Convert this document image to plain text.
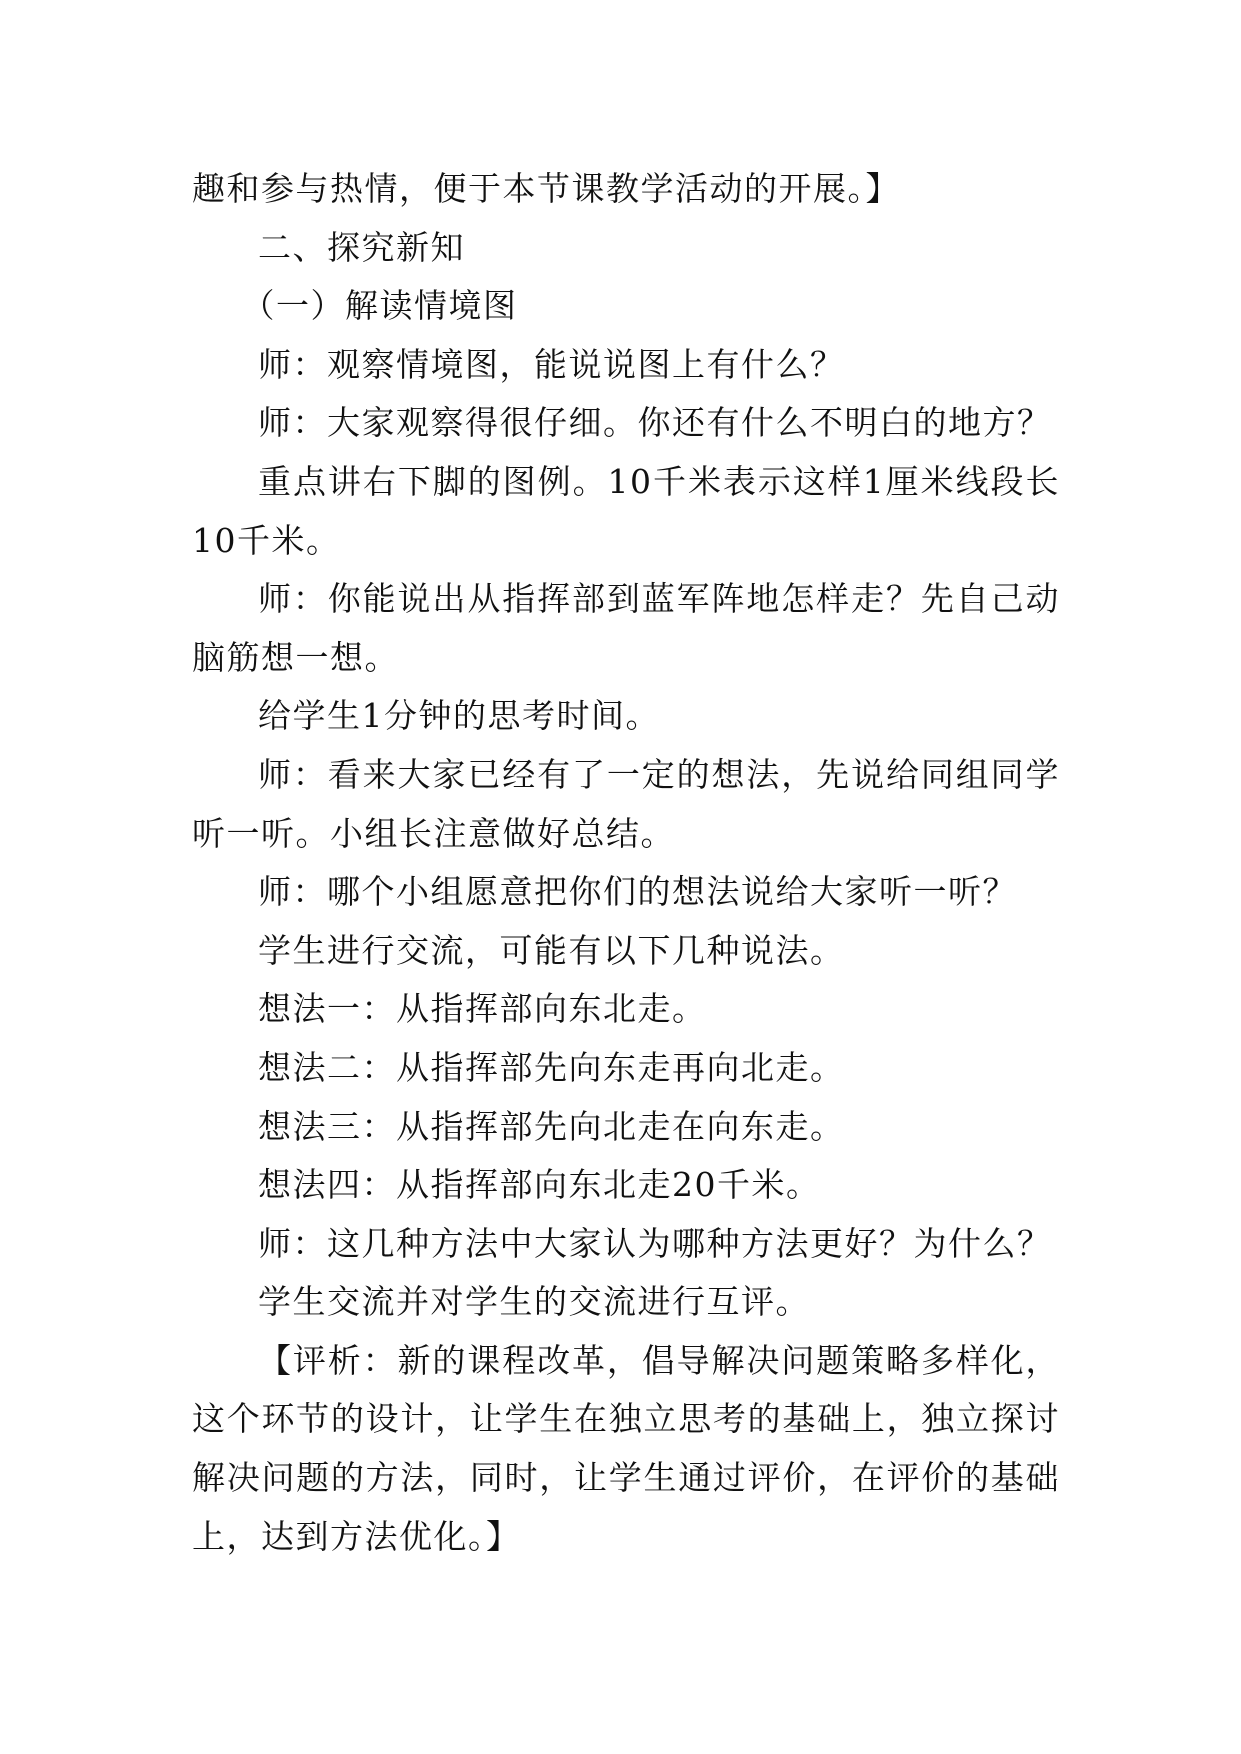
趣和参与热情，便于本节课教学活动的开展。】

二、探究新知

（一）解读情境图

师：观察情境图，能说说图上有什么？

师：大家观察得很仔细。你还有什么不明白的地方？

重点讲右下脚的图例。10千米表示这样1厘米线段长10千米。

师：你能说出从指挥部到蓝军阵地怎样走？先自己动脑筋想一想。

给学生1分钟的思考时间。

师：看来大家已经有了一定的想法，先说给同组同学听一听。小组长注意做好总结。

师：哪个小组愿意把你们的想法说给大家听一听？

学生进行交流，可能有以下几种说法。

想法一：从指挥部向东北走。

想法二：从指挥部先向东走再向北走。

想法三：从指挥部先向北走在向东走。

想法四：从指挥部向东北走20千米。

师：这几种方法中大家认为哪种方法更好？为什么？

学生交流并对学生的交流进行互评。

【评析：新的课程改革，倡导解决问题策略多样化，这个环节的设计，让学生在独立思考的基础上，独立探讨解决问题的方法，同时，让学生通过评价，在评价的基础上，达到方法优化。】
